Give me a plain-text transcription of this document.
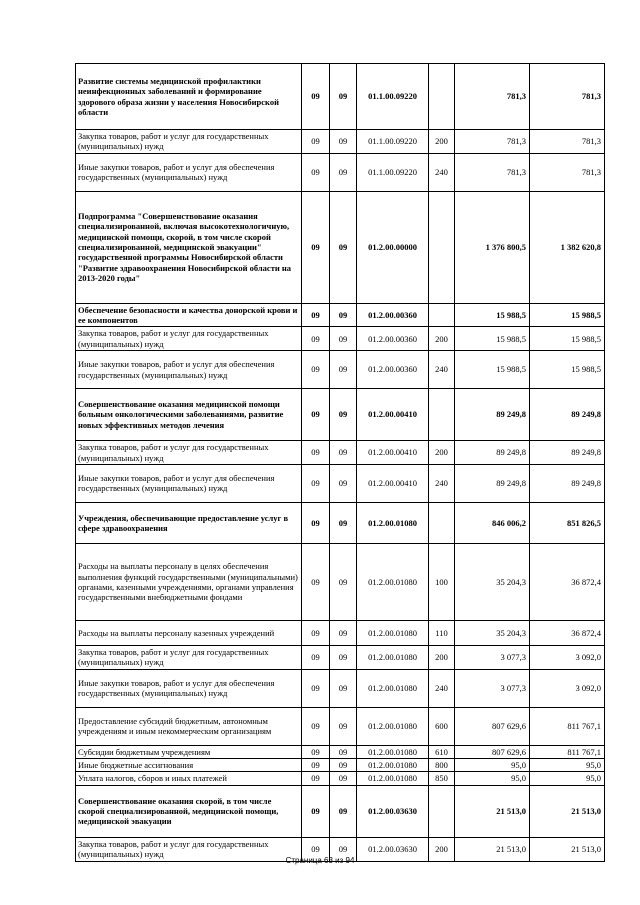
Развитие системы медицинской профилактики неинфекционных заболеваний и формирование здорового образа жизни у населения Новосибирской области	09	09	01.1.00.09220		781,3	781,3
Закупка товаров, работ и услуг для государственных (муниципальных) нужд	09	09	01.1.00.09220	200	781,3	781,3
Иные закупки товаров, работ и услуг для обеспечения государственных (муниципальных) нужд	09	09	01.1.00.09220	240	781,3	781,3
Подпрограмма "Совершенствование оказания специализированной, включая высокотехнологичную, медицинской помощи, скорой, в том числе скорой специализированной, медицинской эвакуации" государственной программы Новосибирской области "Развитие здравоохранения Новосибирской области на 2013-2020 годы"	09	09	01.2.00.00000		1 376 800,5	1 382 620,8
Обеспечение безопасности и качества донорской крови и ее компонентов	09	09	01.2.00.00360		15 988,5	15 988,5
Закупка товаров, работ и услуг для государственных (муниципальных) нужд	09	09	01.2.00.00360	200	15 988,5	15 988,5
Иные закупки товаров, работ и услуг для обеспечения государственных (муниципальных) нужд	09	09	01.2.00.00360	240	15 988,5	15 988,5
Совершенствование оказания медицинской помощи больным онкологическими заболеваниями, развитие новых эффективных методов лечения	09	09	01.2.00.00410		89 249,8	89 249,8
Закупка товаров, работ и услуг для государственных (муниципальных) нужд	09	09	01.2.00.00410	200	89 249,8	89 249,8
Иные закупки товаров, работ и услуг для обеспечения государственных (муниципальных) нужд	09	09	01.2.00.00410	240	89 249,8	89 249,8
Учреждения, обеспечивающие предоставление услуг в сфере здравоохранения	09	09	01.2.00.01080		846 006,2	851 826,5
Расходы на выплаты персоналу в целях обеспечения выполнения функций государственными (муниципальными) органами, казенными учреждениями, органами управления государственными внебюджетными фондами	09	09	01.2.00.01080	100	35 204,3	36 872,4
Расходы на выплаты персоналу казенных учреждений	09	09	01.2.00.01080	110	35 204,3	36 872,4
Закупка товаров, работ и услуг для государственных (муниципальных) нужд	09	09	01.2.00.01080	200	3 077,3	3 092,0
Иные закупки товаров, работ и услуг для обеспечения государственных (муниципальных) нужд	09	09	01.2.00.01080	240	3 077,3	3 092,0
Предоставление субсидий бюджетным, автономным учреждениям и иным некоммерческим организациям	09	09	01.2.00.01080	600	807 629,6	811 767,1
Субсидии бюджетным учреждениям	09	09	01.2.00.01080	610	807 629,6	811 767,1
Иные бюджетные ассигнования	09	09	01.2.00.01080	800	95,0	95,0
Уплата налогов, сборов и иных платежей	09	09	01.2.00.01080	850	95,0	95,0
Совершенствование оказания скорой, в том числе скорой специализированной, медицинской помощи, медицинской эвакуации	09	09	01.2.00.03630		21 513,0	21 513,0
Закупка товаров, работ и услуг для государственных (муниципальных) нужд	09	09	01.2.00.03630	200	21 513,0	21 513,0
Страница 63 из 94
